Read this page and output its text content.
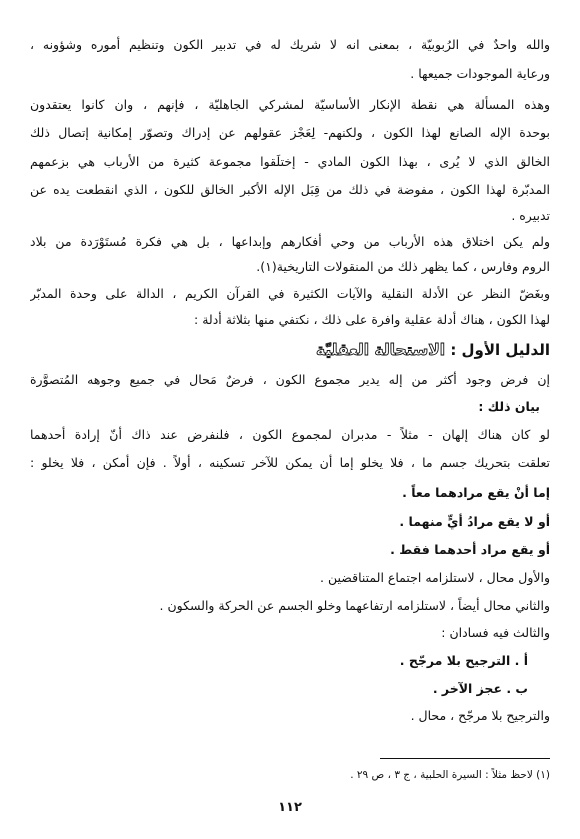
والله واحدٌ في الرُبوبيّة ، بمعنى انه لا شريك له في تدبير الكون وتنظيم أموره وشؤونه ،
ورعاية الموجودات جميعها .
وهذه المسألة هي نقطة الإنكار الأساسيّة لمشركي الجاهليّة ، فإنهم ، وان كانوا يعتقدون
بوحدة الإله الصانع لهذا الكون ، ولكنهم- لِعَجْز عقولهم عن إدراك وتصوّر إمكانية إتصال ذلك
الخالق الذي لا يُرى ، بهذا الكون المادي - إختلَقوا مجموعة كثيرة من الأرباب هي بزعمهم
المدبّرة لهذا الكون ، مفوضة في ذلك من قِبَل الإله الأكبر الخالق للكون ، الذي انقطعت يده عن
تدبيره .
ولم يكن اختلاق هذه الأرباب من وحي أفكارهم وإبداعها ، بل هي فكرة مُستَوْرَدة من بلاد
الروم وفارس ، كما يظهر ذلك من المنقولات التاريخية(١).
وبغَضّ النظر عن الأدلة النقلية والآيات الكثيرة في القرآن الكريم ، الدالة على وحدة المدبّر
لهذا الكون ، هناك أدلة عقلية وافرة على ذلك ، نكتفي منها بثلاثة أدلة :
الدليل الأول : الاستحالة العقليّة
إن فرض وجود أكثر من إله يدير مجموع الكون ، فرضٌ مَحال في جميع وجوهه المُتصوَّرة
بيان ذلك :
لو كان هناك إلهان - مثلاً - مدبران لمجموع الكون ، فلنفرض عند ذاك أنّ إرادة أحدهما
تعلقت بتحريك جسم ما ، فلا يخلو إما أن يمكن للآخر تسكينه ، أولاً . فإن أمكن ، فلا يخلو :
إما أنْ يقع مرادهما معاً .
أو لا يقع مرادُ أيٍّ منهما .
أو يقع مراد أحدهما فقط .
والأول محال ، لاستلزامه اجتماع المتناقضين .
والثاني محال أيضاً ، لاستلزامه ارتفاعهما وخلو الجسم عن الحركة والسكون .
والثالث فيه فسادان :
أ . الترجيح بلا مرجّح .
ب . عجز الآخر .
والترجيح بلا مرجّح ، محال .
(١) لاحظ مثلاً : السيرة الحلبية ، ج ٣ ، ص ٢٩ .
١١٢
